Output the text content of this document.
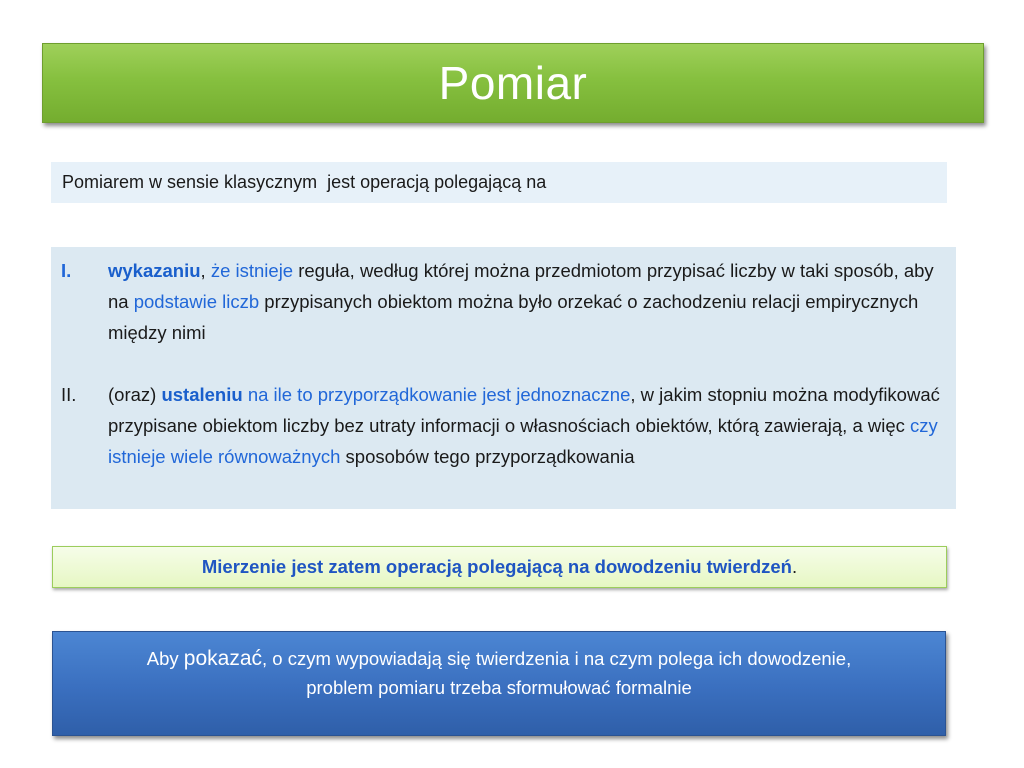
Pomiar
Pomiarem w sensie klasycznym  jest operacją polegającą na
I. wykazaniu, że istnieje reguła, według której można przedmiotom przypisać liczby w taki sposób, aby na podstawie liczb przypisanych obiektom można było orzekać o zachodzeniu relacji empirycznych między nimi
II. (oraz) ustaleniu na ile to przyporządkowanie jest jednoznaczne, w jakim stopniu można modyfikować przypisane obiektom liczby bez utraty informacji o własnościach obiektów, którą zawierają, a więc czy istnieje wiele równoważnych sposobów tego przyporządkowania
Mierzenie jest zatem operacją polegającą na dowodzeniu twierdzeń .
Aby pokazać, o czym wypowiadają się twierdzenia i na czym polega ich dowodzenie,
problem pomiaru trzeba sformułować formalnie
